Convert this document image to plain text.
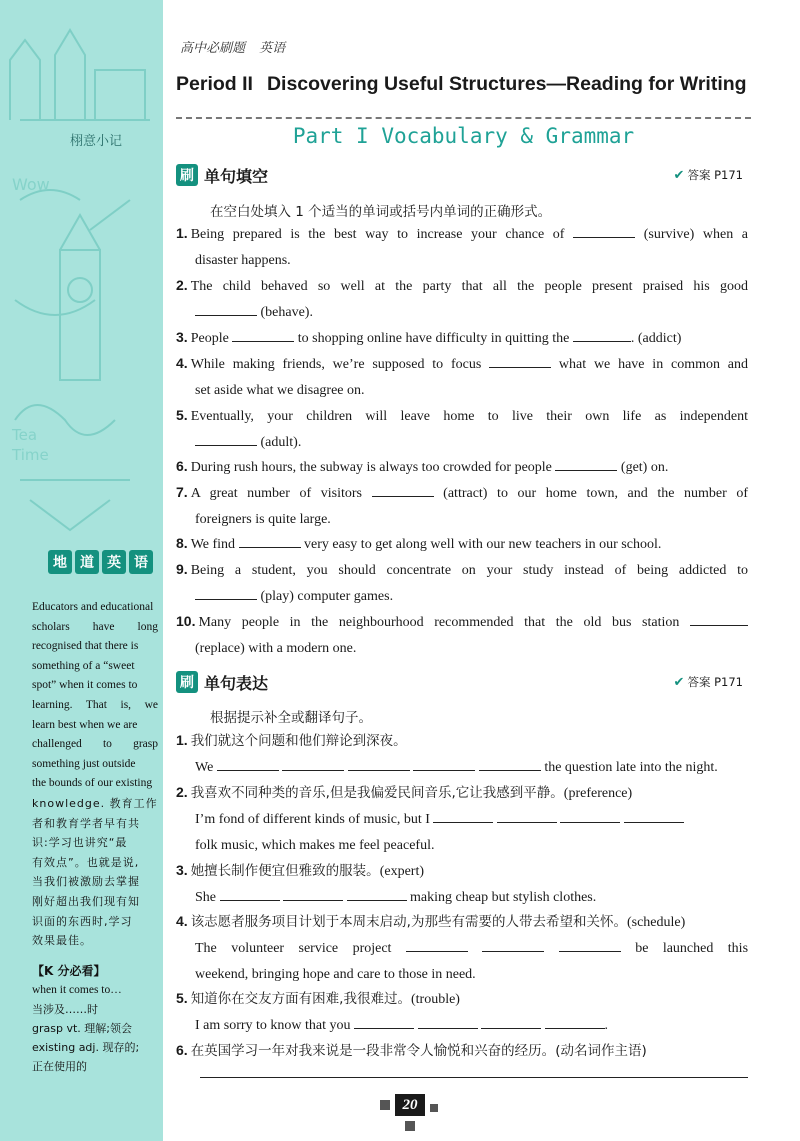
Wow
Tea
Time
栩意小记
地 道 英 语
Educators and educational
scholars have long
recognised that there is
something of a “sweet
spot” when it comes to
learning. That is, we
learn best when we are
challenged to grasp
something just outside
the bounds of our existing
knowledge. 教育工作
者和教育学者早有共
识:学习也讲究“最
有效点”。也就是说,
当我们被激励去掌握
刚好超出我们现有知
识面的东西时,学习
效果最佳。
【K 分必看】
when it comes to…
当涉及……时
grasp vt. 理解;领会
existing adj. 现存的;
正在使用的
高中必刷题 英语
Period II Discovering Useful Structures—Reading for Writing
Part I Vocabulary & Grammar
刷 单句填空	✔ 答案 P171
在空白处填入 1 个适当的单词或括号内单词的正确形式。
1. Being prepared is the best way to increase your chance of	(survive) when a
disaster happens.
2. The child behaved so well at the party that all the people present praised his good
(behave).
3. People	to shopping online have difficulty in quitting the	. (addict)
4. While making friends, we’re supposed to focus	what we have in common and
set aside what we disagree on.
5. Eventually, your children will leave home to live their own life as independent
(adult).
6. During rush hours, the subway is always too crowded for people	(get) on.
7. A great number of visitors	(attract) to our home town, and the number of
foreigners is quite large.
8. We find	very easy to get along well with our new teachers in our school.
9. Being a student, you should concentrate on your study instead of being addicted to
(play) computer games.
10. Many people in the neighbourhood recommended that the old bus station
(replace) with a modern one.
刷 单句表达	✔ 答案 P171
根据提示补全或翻译句子。
1. 我们就这个问题和他们辩论到深夜。
We	the question late into the night.
2. 我喜欢不同种类的音乐,但是我偏爱民间音乐,它让我感到平静。(preference)
I’m fond of different kinds of music, but I
folk music, which makes me feel peaceful.
3. 她擅长制作便宜但雅致的服装。(expert)
She	making cheap but stylish clothes.
4. 该志愿者服务项目计划于本周末启动,为那些有需要的人带去希望和关怀。(schedule)
The volunteer service project	be launched this
weekend, bringing hope and care to those in need.
5. 知道你在交友方面有困难,我很难过。(trouble)
I am sorry to know that you	.
6. 在英国学习一年对我来说是一段非常令人愉悦和兴奋的经历。(动名词作主语)
20
